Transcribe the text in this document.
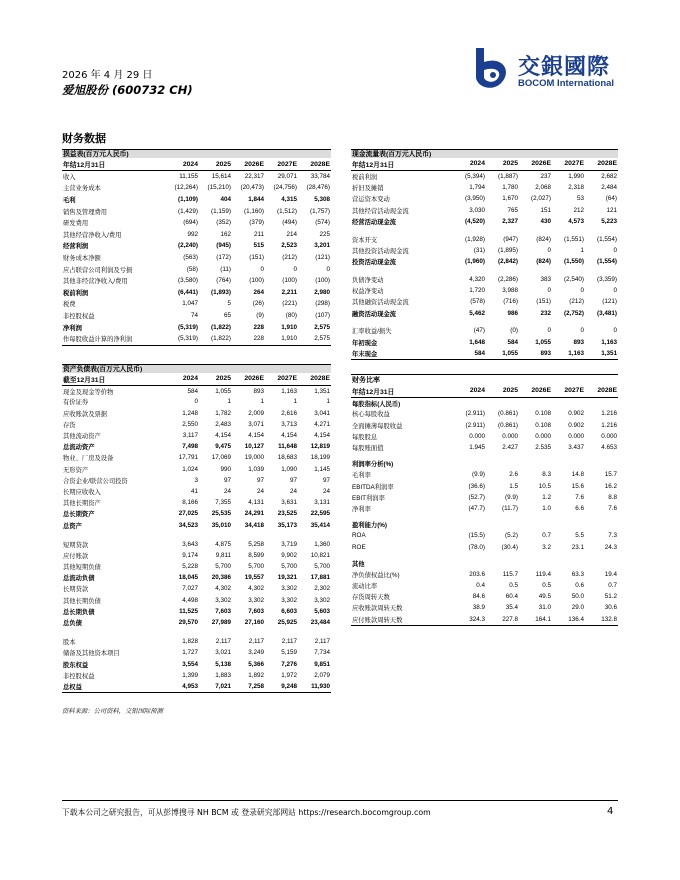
2026 年 4 月 29 日
爱旭股份 (600732 CH)
交銀國際
BOCOM International
财务数据
损益表(百万元人民币)
年结12月31日	2024	2025	2026E	2027E	2028E
收入	11,155	15,614	22,317	29,071	33,784
主营业务成本	(12,264)	(15,210)	(20,473)	(24,756)	(28,476)
毛利	(1,109)	404	1,844	4,315	5,308
销售及管理费用	(1,429)	(1,159)	(1,160)	(1,512)	(1,757)
研发费用	(694)	(352)	(379)	(494)	(574)
其他经营净收入/费用	992	162	211	214	225
经营利润	(2,240)	(945)	515	2,523	3,201
财务成本净额	(563)	(172)	(151)	(212)	(121)
应占联营公司利润及亏损	(58)	(11)	0	0	0
其他非经营净收入/费用	(3,580)	(764)	(100)	(100)	(100)
税前利润	(6,441)	(1,893)	264	2,211	2,980
税费	1,047	5	(26)	(221)	(298)
非控股权益	74	65	(9)	(80)	(107)
净利润	(5,319)	(1,822)	228	1,910	2,575
作每股收益计算的净利润	(5,319)	(1,822)	228	1,910	2,575
资产负债表(百万元人民币)
截至12月31日	2024	2025	2026E	2027E	2028E
现金及现金等价物	584	1,055	893	1,163	1,351
有价证券	0	1	1	1	1
应收账款及票据	1,248	1,782	2,009	2,616	3,041
存货	2,550	2,483	3,071	3,713	4,271
其他流动资产	3,117	4,154	4,154	4,154	4,154
总流动资产	7,498	9,475	10,127	11,648	12,819
物业、厂房及设备	17,791	17,069	19,000	18,683	18,199
无形资产	1,024	990	1,039	1,090	1,145
合资企业/联营公司投资	3	97	97	97	97
长期应收收入	41	24	24	24	24
其他长期资产	8,166	7,355	4,131	3,631	3,131
总长期资产	27,025	25,535	24,291	23,525	22,595
总资产	34,523	35,010	34,418	35,173	35,414

短期贷款	3,643	4,875	5,258	3,719	1,360
应付账款	9,174	9,811	8,599	9,902	10,821
其他短期负债	5,228	5,700	5,700	5,700	5,700
总流动负债	18,045	20,386	19,557	19,321	17,881
长期贷款	7,027	4,302	4,302	3,302	2,302
其他长期负债	4,498	3,302	3,302	3,302	3,302
总长期负债	11,525	7,603	7,603	6,603	5,603
总负债	29,570	27,989	27,160	25,925	23,484

股本	1,828	2,117	2,117	2,117	2,117
储备及其他资本项目	1,727	3,021	3,249	5,159	7,734
股东权益	3,554	5,138	5,366	7,276	9,851
非控股权益	1,399	1,883	1,892	1,972	2,079
总权益	4,953	7,021	7,258	9,248	11,930
现金流量表(百万元人民币)
年结12月31日	2024	2025	2026E	2027E	2028E
税前利润	(5,394)	(1,887)	237	1,990	2,682
折旧及摊销	1,794	1,780	2,068	2,318	2,484
营运资本变动	(3,950)	1,670	(2,027)	53	(64)
其他经营活动现金流	3,030	765	151	212	121
经营活动现金流	(4,520)	2,327	430	4,573	5,223

资本开支	(1,928)	(947)	(824)	(1,551)	(1,554)
其他投资活动现金流	(31)	(1,895)	0	1	0
投资活动现金流	(1,960)	(2,842)	(824)	(1,550)	(1,554)

负债净变动	4,320	(2,286)	383	(2,540)	(3,359)
权益净变动	1,720	3,988	0	0	0
其他融资活动现金流	(578)	(716)	(151)	(212)	(121)
融资活动现金流	5,462	986	232	(2,752)	(3,481)

汇率收益/损失	(47)	(0)	0	0	0
年初现金	1,648	584	1,055	893	1,163
年末现金	584	1,055	893	1,163	1,351
财务比率
年结12月31日	2024	2025	2026E	2027E	2028E
每股指标(人民币)					
核心每股收益	(2.911)	(0.861)	0.108	0.902	1.216
全面摊薄每股收益	(2.911)	(0.861)	0.108	0.902	1.216
每股股息	0.000	0.000	0.000	0.000	0.000
每股账面值	1.945	2.427	2.535	3.437	4.653

利润率分析(%)					
毛利率	(9.9)	2.6	8.3	14.8	15.7
EBITDA利润率	(36.6)	1.5	10.5	15.6	16.2
EBIT利润率	(52.7)	(9.9)	1.2	7.6	8.8
净利率	(47.7)	(11.7)	1.0	6.6	7.6

盈利能力(%)					
ROA	(15.5)	(5.2)	0.7	5.5	7.3
ROE	(78.0)	(30.4)	3.2	23.1	24.3

其他					
净负债权益比(%)	203.6	115.7	119.4	63.3	19.4
流动比率	0.4	0.5	0.5	0.6	0.7
存货周转天数	84.6	60.4	49.5	50.0	51.2
应收账款周转天数	38.9	35.4	31.0	29.0	30.6
应付账款周转天数	324.3	227.8	164.1	136.4	132.8
资料来源：公司资料，交银国际预测
下载本公司之研究报告，可从彭博搜寻 NH BCM 或 登录研究部网站 https://research.bocomgroup.com	4
